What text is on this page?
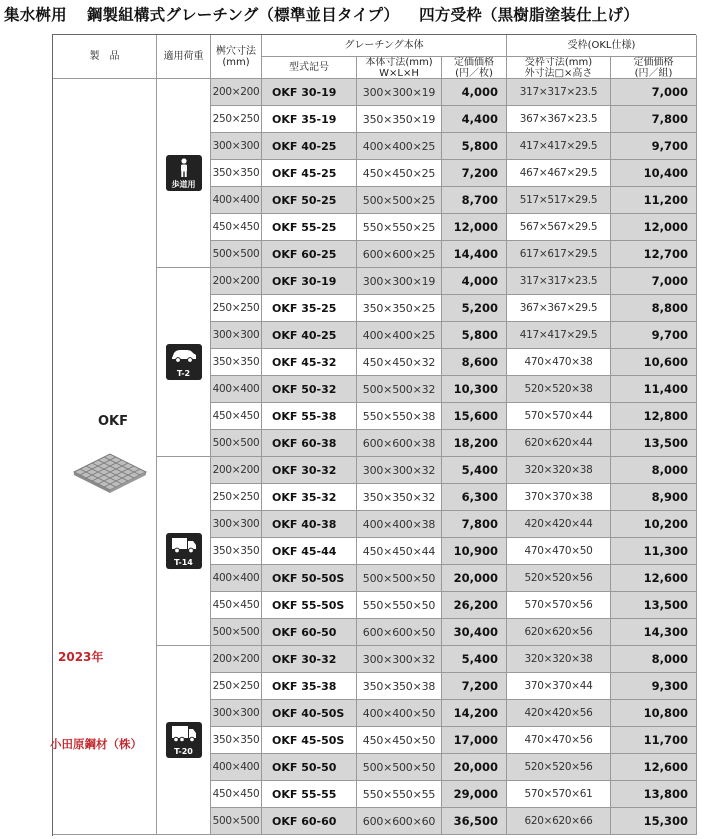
集水桝用 鋼製組構式グレーチング（標準並目タイプ） 四方受枠（黒樹脂塗装仕上げ）
製　品	適用荷重	桝穴寸法
(mm)
グレーチング本体	受枠(OKL仕様)
型式記号	本体寸法(mm)
W×L×H
定価価格
(円／枚)
受枠寸法(mm)
外寸法□×高さ
定価価格
(円／組)
歩道用
T-2
T-14
T-20
200×200	OKF 30-19	300×300×19	4,000	317×317×23.5	7,000
250×250	OKF 35-19	350×350×19	4,400	367×367×23.5	7,800
300×300	OKF 40-25	400×400×25	5,800	417×417×29.5	9,700
350×350	OKF 45-25	450×450×25	7,200	467×467×29.5	10,400
400×400	OKF 50-25	500×500×25	8,700	517×517×29.5	11,200
450×450	OKF 55-25	550×550×25	12,000	567×567×29.5	12,000
500×500	OKF 60-25	600×600×25	14,400	617×617×29.5	12,700
200×200	OKF 30-19	300×300×19	4,000	317×317×23.5	7,000
250×250	OKF 35-25	350×350×25	5,200	367×367×29.5	8,800
300×300	OKF 40-25	400×400×25	5,800	417×417×29.5	9,700
350×350	OKF 45-32	450×450×32	8,600	470×470×38	10,600
400×400	OKF 50-32	500×500×32	10,300	520×520×38	11,400
450×450	OKF 55-38	550×550×38	15,600	570×570×44	12,800
500×500	OKF 60-38	600×600×38	18,200	620×620×44	13,500
200×200	OKF 30-32	300×300×32	5,400	320×320×38	8,000
250×250	OKF 35-32	350×350×32	6,300	370×370×38	8,900
300×300	OKF 40-38	400×400×38	7,800	420×420×44	10,200
350×350	OKF 45-44	450×450×44	10,900	470×470×50	11,300
400×400	OKF 50-50S	500×500×50	20,000	520×520×56	12,600
450×450	OKF 55-50S	550×550×50	26,200	570×570×56	13,500
500×500	OKF 60-50	600×600×50	30,400	620×620×56	14,300
200×200	OKF 30-32	300×300×32	5,400	320×320×38	8,000
250×250	OKF 35-38	350×350×38	7,200	370×370×44	9,300
300×300	OKF 40-50S	400×400×50	14,200	420×420×56	10,800
350×350	OKF 45-50S	450×450×50	17,000	470×470×56	11,700
400×400	OKF 50-50	500×500×50	20,000	520×520×56	12,600
450×450	OKF 55-55	550×550×55	29,000	570×570×61	13,800
500×500	OKF 60-60	600×600×60	36,500	620×620×66	15,300
OKF
2023年
小田原鋼材（株）
